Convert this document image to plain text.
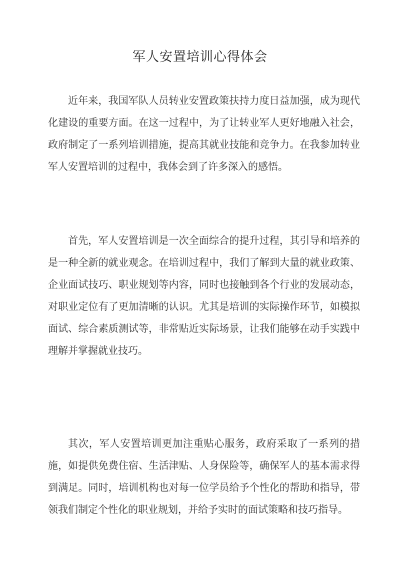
军人安置培训心得体会

近年来，我国军队人员转业安置政策扶持力度日益加强，成为现代化建设的重要方面。在这一过程中，为了让转业军人更好地融入社会，政府制定了一系列培训措施，提高其就业技能和竞争力。在我参加转业军人安置培训的过程中，我体会到了许多深入的感悟。

首先，军人安置培训是一次全面综合的提升过程，其引导和培养的是一种全新的就业观念。在培训过程中，我们了解到大量的就业政策、企业面试技巧、职业规划等内容，同时也接触到各个行业的发展动态，对职业定位有了更加清晰的认识。尤其是培训的实际操作环节，如模拟面试、综合素质测试等，非常贴近实际场景，让我们能够在动手实践中理解并掌握就业技巧。

其次，军人安置培训更加注重贴心服务，政府采取了一系列的措施，如提供免费住宿、生活津贴、人身保险等，确保军人的基本需求得到满足。同时，培训机构也对每一位学员给予个性化的帮助和指导，带领我们制定个性化的职业规划，并给予实时的面试策略和技巧指导。
